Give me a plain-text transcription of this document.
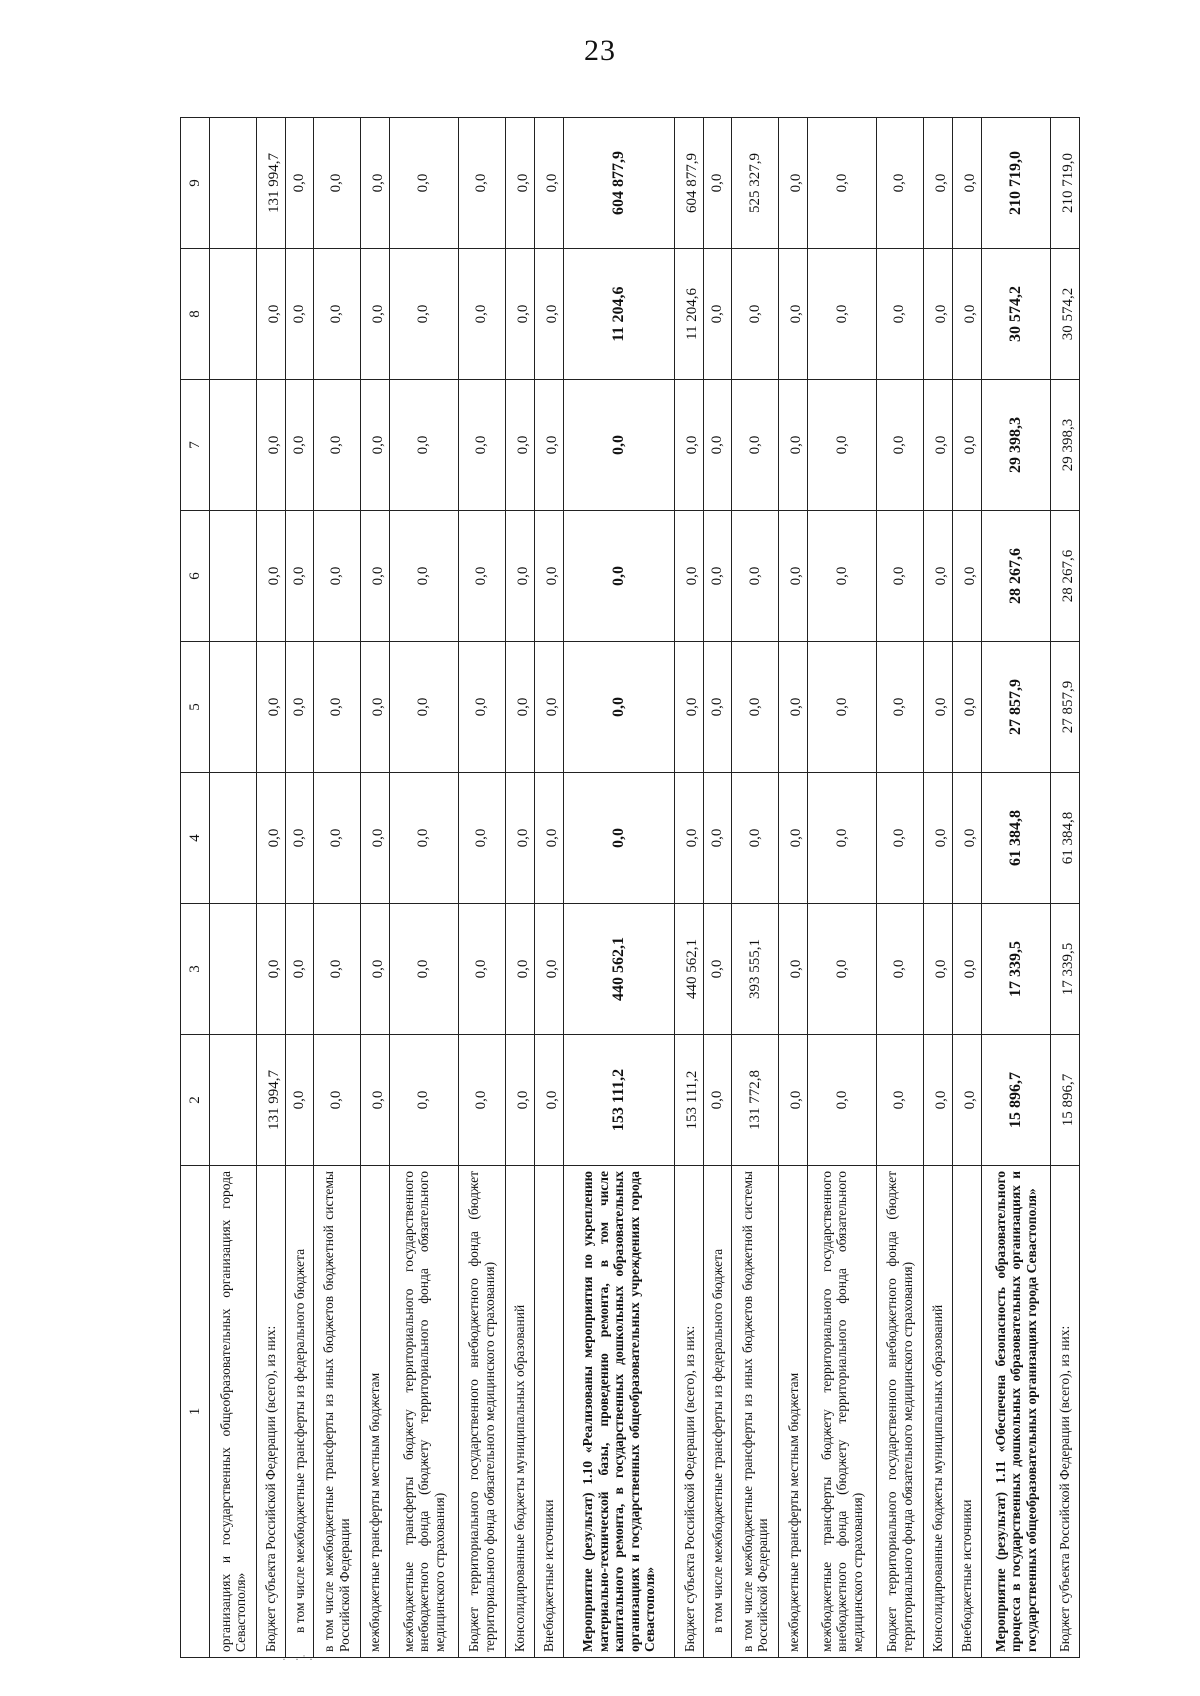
23
1	2	3	4	5	6	7	8	9
организациях и государственных общеобразовательных организациях города Севастополя»								
Бюджет субъекта Российской Федерации (всего), из них:	131 994,7	0,0	0,0	0,0	0,0	0,0	0,0	131 994,7
в том числе межбюджетные трансферты из федерального бюджета	0,0	0,0	0,0	0,0	0,0	0,0	0,0	0,0
в том числе межбюджетные трансферты из иных бюджетов бюджетной системы Российской Федерации	0,0	0,0	0,0	0,0	0,0	0,0	0,0	0,0
межбюджетные трансферты местным бюджетам	0,0	0,0	0,0	0,0	0,0	0,0	0,0	0,0
межбюджетные трансферты бюджету территориального государственного внебюджетного фонда (бюджету территориального фонда обязательного медицинского страхования)	0,0	0,0	0,0	0,0	0,0	0,0	0,0	0,0
Бюджет территориального государственного внебюджетного фонда (бюджет территориального фонда обязательного медицинского страхования)	0,0	0,0	0,0	0,0	0,0	0,0	0,0	0,0
Консолидированные бюджеты муниципальных образований	0,0	0,0	0,0	0,0	0,0	0,0	0,0	0,0
Внебюджетные источники	0,0	0,0	0,0	0,0	0,0	0,0	0,0	0,0
Мероприятие (результат) 1.10 «Реализованы мероприятия по укреплению материально-технической базы, проведению ремонта, в том числе капитального ремонта, в государственных дошкольных образовательных организациях и государственных общеобразовательных учреждениях города Севастополя»	153 111,2	440 562,1	0,0	0,0	0,0	0,0	11 204,6	604 877,9
Бюджет субъекта Российской Федерации (всего), из них:	153 111,2	440 562,1	0,0	0,0	0,0	0,0	11 204,6	604 877,9
в том числе межбюджетные трансферты из федерального бюджета	0,0	0,0	0,0	0,0	0,0	0,0	0,0	0,0
в том числе межбюджетные трансферты из иных бюджетов бюджетной системы Российской Федерации	131 772,8	393 555,1	0,0	0,0	0,0	0,0	0,0	525 327,9
межбюджетные трансферты местным бюджетам	0,0	0,0	0,0	0,0	0,0	0,0	0,0	0,0
межбюджетные трансферты бюджету территориального государственного внебюджетного фонда (бюджету территориального фонда обязательного медицинского страхования)	0,0	0,0	0,0	0,0	0,0	0,0	0,0	0,0
Бюджет территориального государственного внебюджетного фонда (бюджет территориального фонда обязательного медицинского страхования)	0,0	0,0	0,0	0,0	0,0	0,0	0,0	0,0
Консолидированные бюджеты муниципальных образований	0,0	0,0	0,0	0,0	0,0	0,0	0,0	0,0
Внебюджетные источники	0,0	0,0	0,0	0,0	0,0	0,0	0,0	0,0
Мероприятие (результат) 1.11 «Обеспечена безопасность образовательного процесса в государственных дошкольных образовательных организациях и государственных общеобразовательных организациях города Севастополя»	15 896,7	17 339,5	61 384,8	27 857,9	28 267,6	29 398,3	30 574,2	210 719,0
Бюджет субъекта Российской Федерации (всего), из них:	15 896,7	17 339,5	61 384,8	27 857,9	28 267,6	29 398,3	30 574,2	210 719,0
· ·˙·
